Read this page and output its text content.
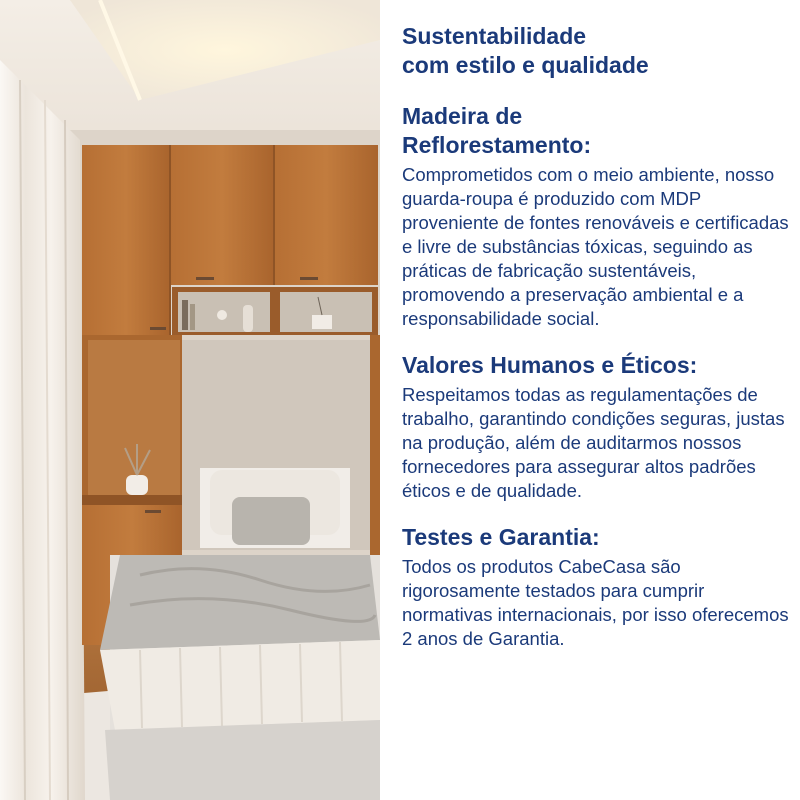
Sustentabilidade
com estilo e qualidade
Madeira de
Reflorestamento:

Comprometidos com o meio ambiente, nosso guarda-roupa é produzido com MDP proveniente de fontes renováveis e certificadas e livre de substâncias tóxicas, seguindo as práticas de fabricação sustentáveis, promovendo a preservação ambiental e a responsabilidade social.

Valores Humanos e Éticos:

Respeitamos todas as regulamentações de trabalho, garantindo condições seguras, justas na produção, além de auditarmos nossos fornecedores para assegurar altos padrões éticos e de qualidade.

Testes e Garantia:

Todos os produtos CabeCasa são rigorosamente testados para cumprir normativas internacionais, por isso oferecemos 2 anos de Garantia.
